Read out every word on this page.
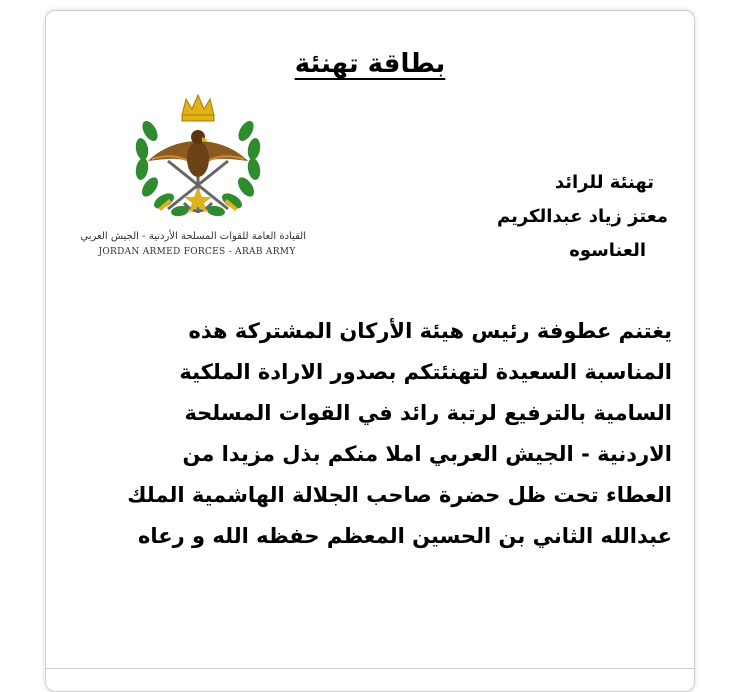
بطاقة تهنئة
القيادة العامة للقوات المسلحة الأردنية - الجيش العربي
JORDAN ARMED FORCES - ARAB ARMY
تهنئة للرائد
معتز زياد عبدالكريم
العناسوه
يغتنم عطوفة رئيس هيئة الأركان المشتركة هذه المناسبة السعيدة لتهنئتكم بصدور الارادة الملكية السامية بالترفيع لرتبة رائد في القوات المسلحة الاردنية - الجيش العربي املا منكم بذل مزيدا من العطاء تحت ظل حضرة صاحب الجلالة الهاشمية الملك عبدالله الثاني بن الحسين المعظم حفظه الله و رعاه
